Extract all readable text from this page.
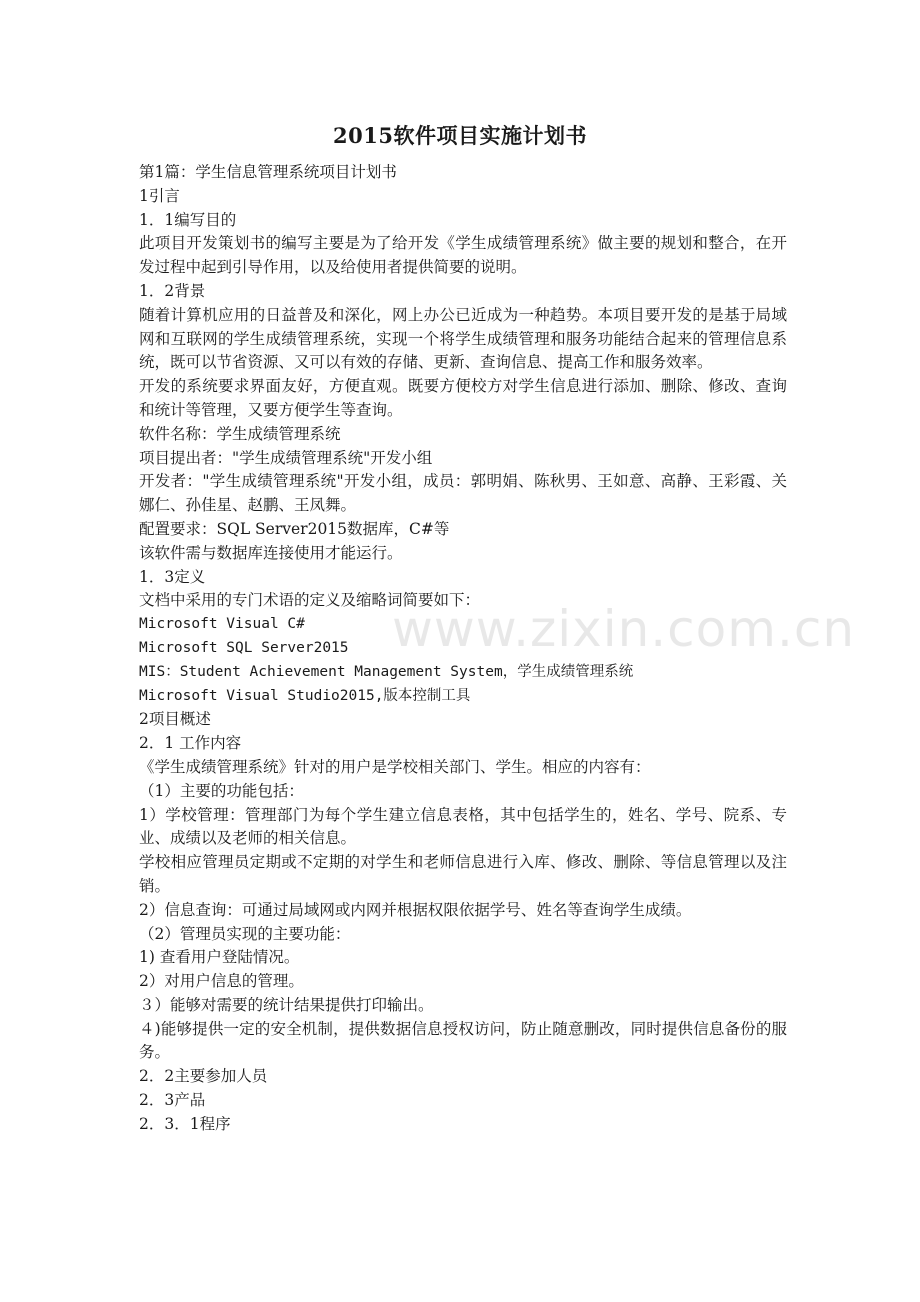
2015软件项目实施计划书

第1篇：学生信息管理系统项目计划书

1引言

1．1编写目的

此项目开发策划书的编写主要是为了给开发《学生成绩管理系统》做主要的规划和整合，在开发过程中起到引导作用，以及给使用者提供简要的说明。

1．2背景

随着计算机应用的日益普及和深化，网上办公已近成为一种趋势。本项目要开发的是基于局域网和互联网的学生成绩管理系统，实现一个将学生成绩管理和服务功能结合起来的管理信息系统，既可以节省资源、又可以有效的存储、更新、查询信息、提高工作和服务效率。

开发的系统要求界面友好，方便直观。既要方便校方对学生信息进行添加、删除、修改、查询和统计等管理，又要方便学生等查询。

软件名称：学生成绩管理系统

项目提出者："学生成绩管理系统"开发小组

开发者："学生成绩管理系统"开发小组，成员：郭明娟、陈秋男、王如意、高静、王彩霞、关娜仁、孙佳星、赵鹏、王凤舞。

配置要求：SQL Server2015数据库，C#等

该软件需与数据库连接使用才能运行。

1．3定义

文档中采用的专门术语的定义及缩略词简要如下：

Microsoft Visual C#

Microsoft SQL Server2015

MIS：Student Achievement Management System，学生成绩管理系统

Microsoft Visual Studio2015,版本控制工具

2项目概述

2．1 工作内容

《学生成绩管理系统》针对的用户是学校相关部门、学生。相应的内容有：

（1）主要的功能包括：

1）学校管理：管理部门为每个学生建立信息表格，其中包括学生的，姓名、学号、院系、专业、成绩以及老师的相关信息。

学校相应管理员定期或不定期的对学生和老师信息进行入库、修改、删除、等信息管理以及注销。

2）信息查询：可通过局域网或内网并根据权限依据学号、姓名等查询学生成绩。

（2）管理员实现的主要功能：

1) 查看用户登陆情况。

2）对用户信息的管理。

３）能够对需要的统计结果提供打印输出。

４)能够提供一定的安全机制，提供数据信息授权访问，防止随意删改，同时提供信息备份的服务。

2．2主要参加人员

2．3产品

2．3．1程序

www.zixin.com.cn
